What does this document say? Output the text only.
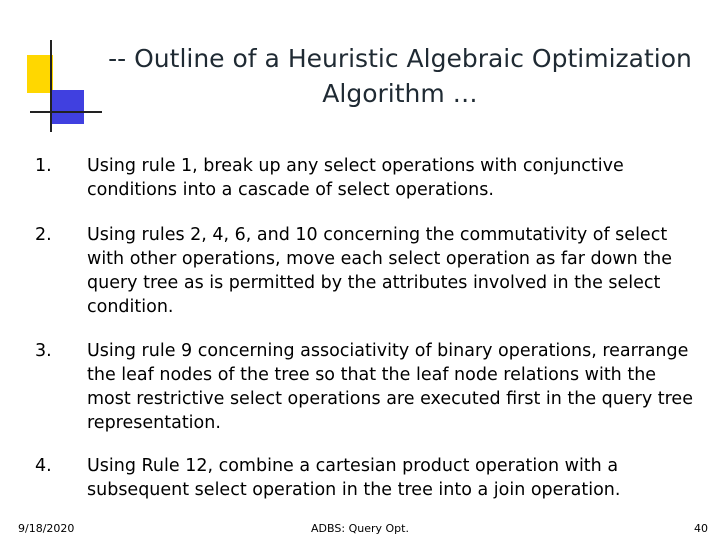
-- Outline of a Heuristic Algebraic Optimization
Algorithm …
1. Using rule 1, break up any select operations with conjunctive conditions into a cascade of select operations.
2. Using rules 2, 4, 6, and 10 concerning the commutativity of select with other operations, move each select operation as far down the query tree as is permitted by the attributes involved in the select condition.
3. Using rule 9 concerning associativity of binary operations, rearrange the leaf nodes of the tree so that the leaf node relations with the most restrictive select operations are executed first in the query tree representation.
4. Using Rule 12, combine a cartesian product operation with a subsequent select operation in the tree into a join operation.
9/18/2020	ADBS: Query Opt.	40
